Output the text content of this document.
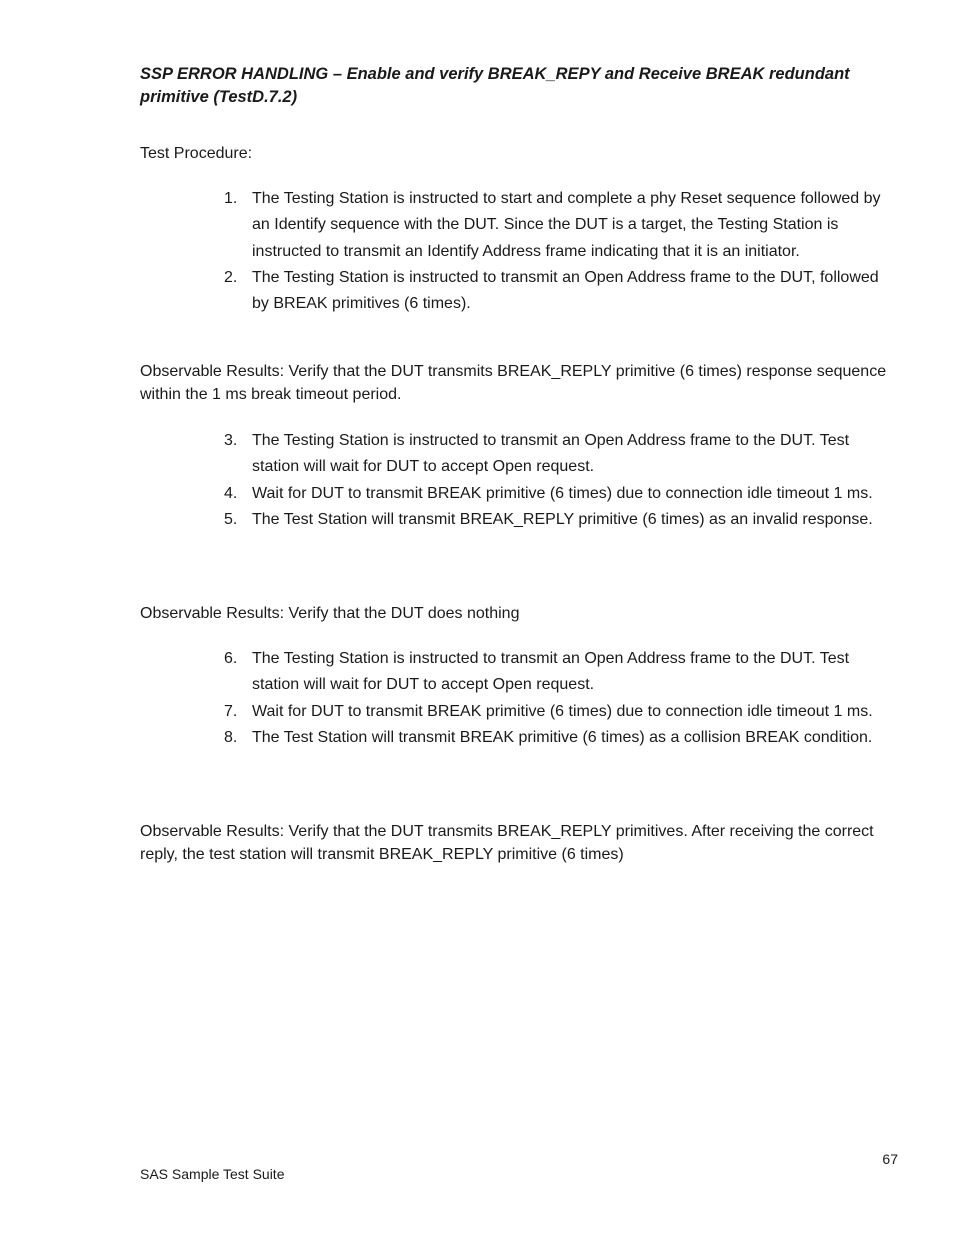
SSP ERROR HANDLING – Enable and verify BREAK_REPY and Receive BREAK redundant primitive (TestD.7.2)

Test Procedure:

1. The Testing Station is instructed to start and complete a phy Reset sequence followed by an Identify sequence with the DUT. Since the DUT is a target, the Testing Station is instructed to transmit an Identify Address frame indicating that it is an initiator.
2. The Testing Station is instructed to transmit an Open Address frame to the DUT, followed by BREAK primitives (6 times).

Observable Results: Verify that the DUT transmits BREAK_REPLY primitive (6 times) response sequence within the 1 ms break timeout period.

3. The Testing Station is instructed to transmit an Open Address frame to the DUT. Test station will wait for DUT to accept Open request.
4. Wait for DUT to transmit BREAK primitive (6 times) due to connection idle timeout 1 ms.
5. The Test Station will transmit BREAK_REPLY primitive (6 times) as an invalid response.

Observable Results: Verify that the DUT does nothing

6. The Testing Station is instructed to transmit an Open Address frame to the DUT. Test station will wait for DUT to accept Open request.
7. Wait for DUT to transmit BREAK primitive (6 times) due to connection idle timeout 1 ms.
8. The Test Station will transmit BREAK primitive (6 times) as a collision BREAK condition.

Observable Results: Verify that the DUT transmits BREAK_REPLY primitives. After receiving the correct reply, the test station will transmit BREAK_REPLY primitive (6 times)

67
SAS Sample Test Suite
